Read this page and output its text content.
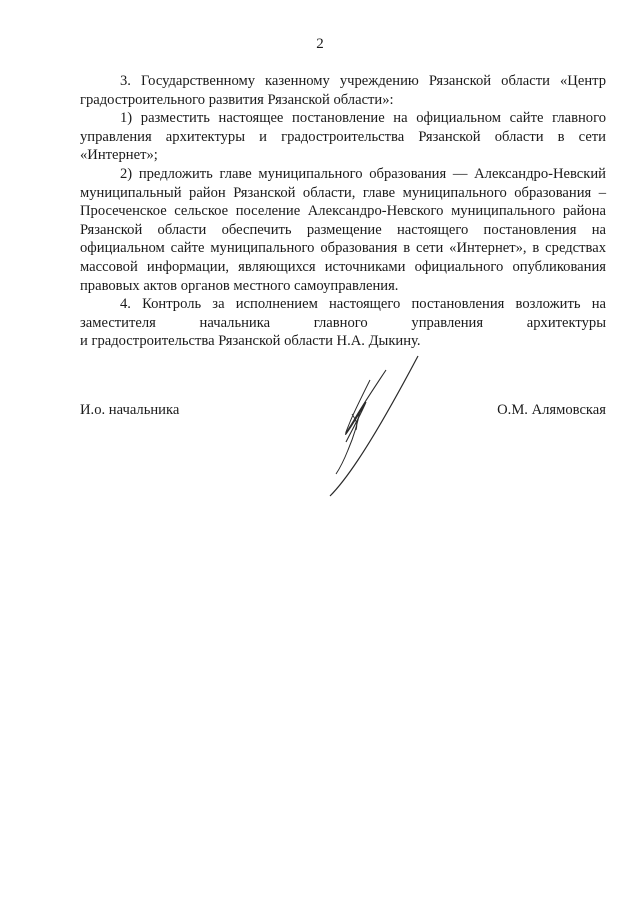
2

3. Государственному казенному учреждению Рязанской области «Центр градостроительного развития Рязанской области»:

1) разместить настоящее постановление на официальном сайте главного управления архитектуры и градостроительства Рязанской области в сети «Интернет»;

2) предложить главе муниципального образования — Александро-Невский муниципальный район Рязанской области, главе муниципального образования – Просеченское сельское поселение Александро-Невского муниципального района Рязанской области обеспечить размещение настоящего постановления на официальном сайте муниципального образования в сети «Интернет», в средствах массовой информации, являющихся источниками официального опубликования правовых актов органов местного самоуправления.

4. Контроль за исполнением настоящего постановления возложить на заместителя начальника главного управления архитектуры

и градостроительства Рязанской области Н.А. Дыкину.

И.о. начальника	О.М. Алямовская
